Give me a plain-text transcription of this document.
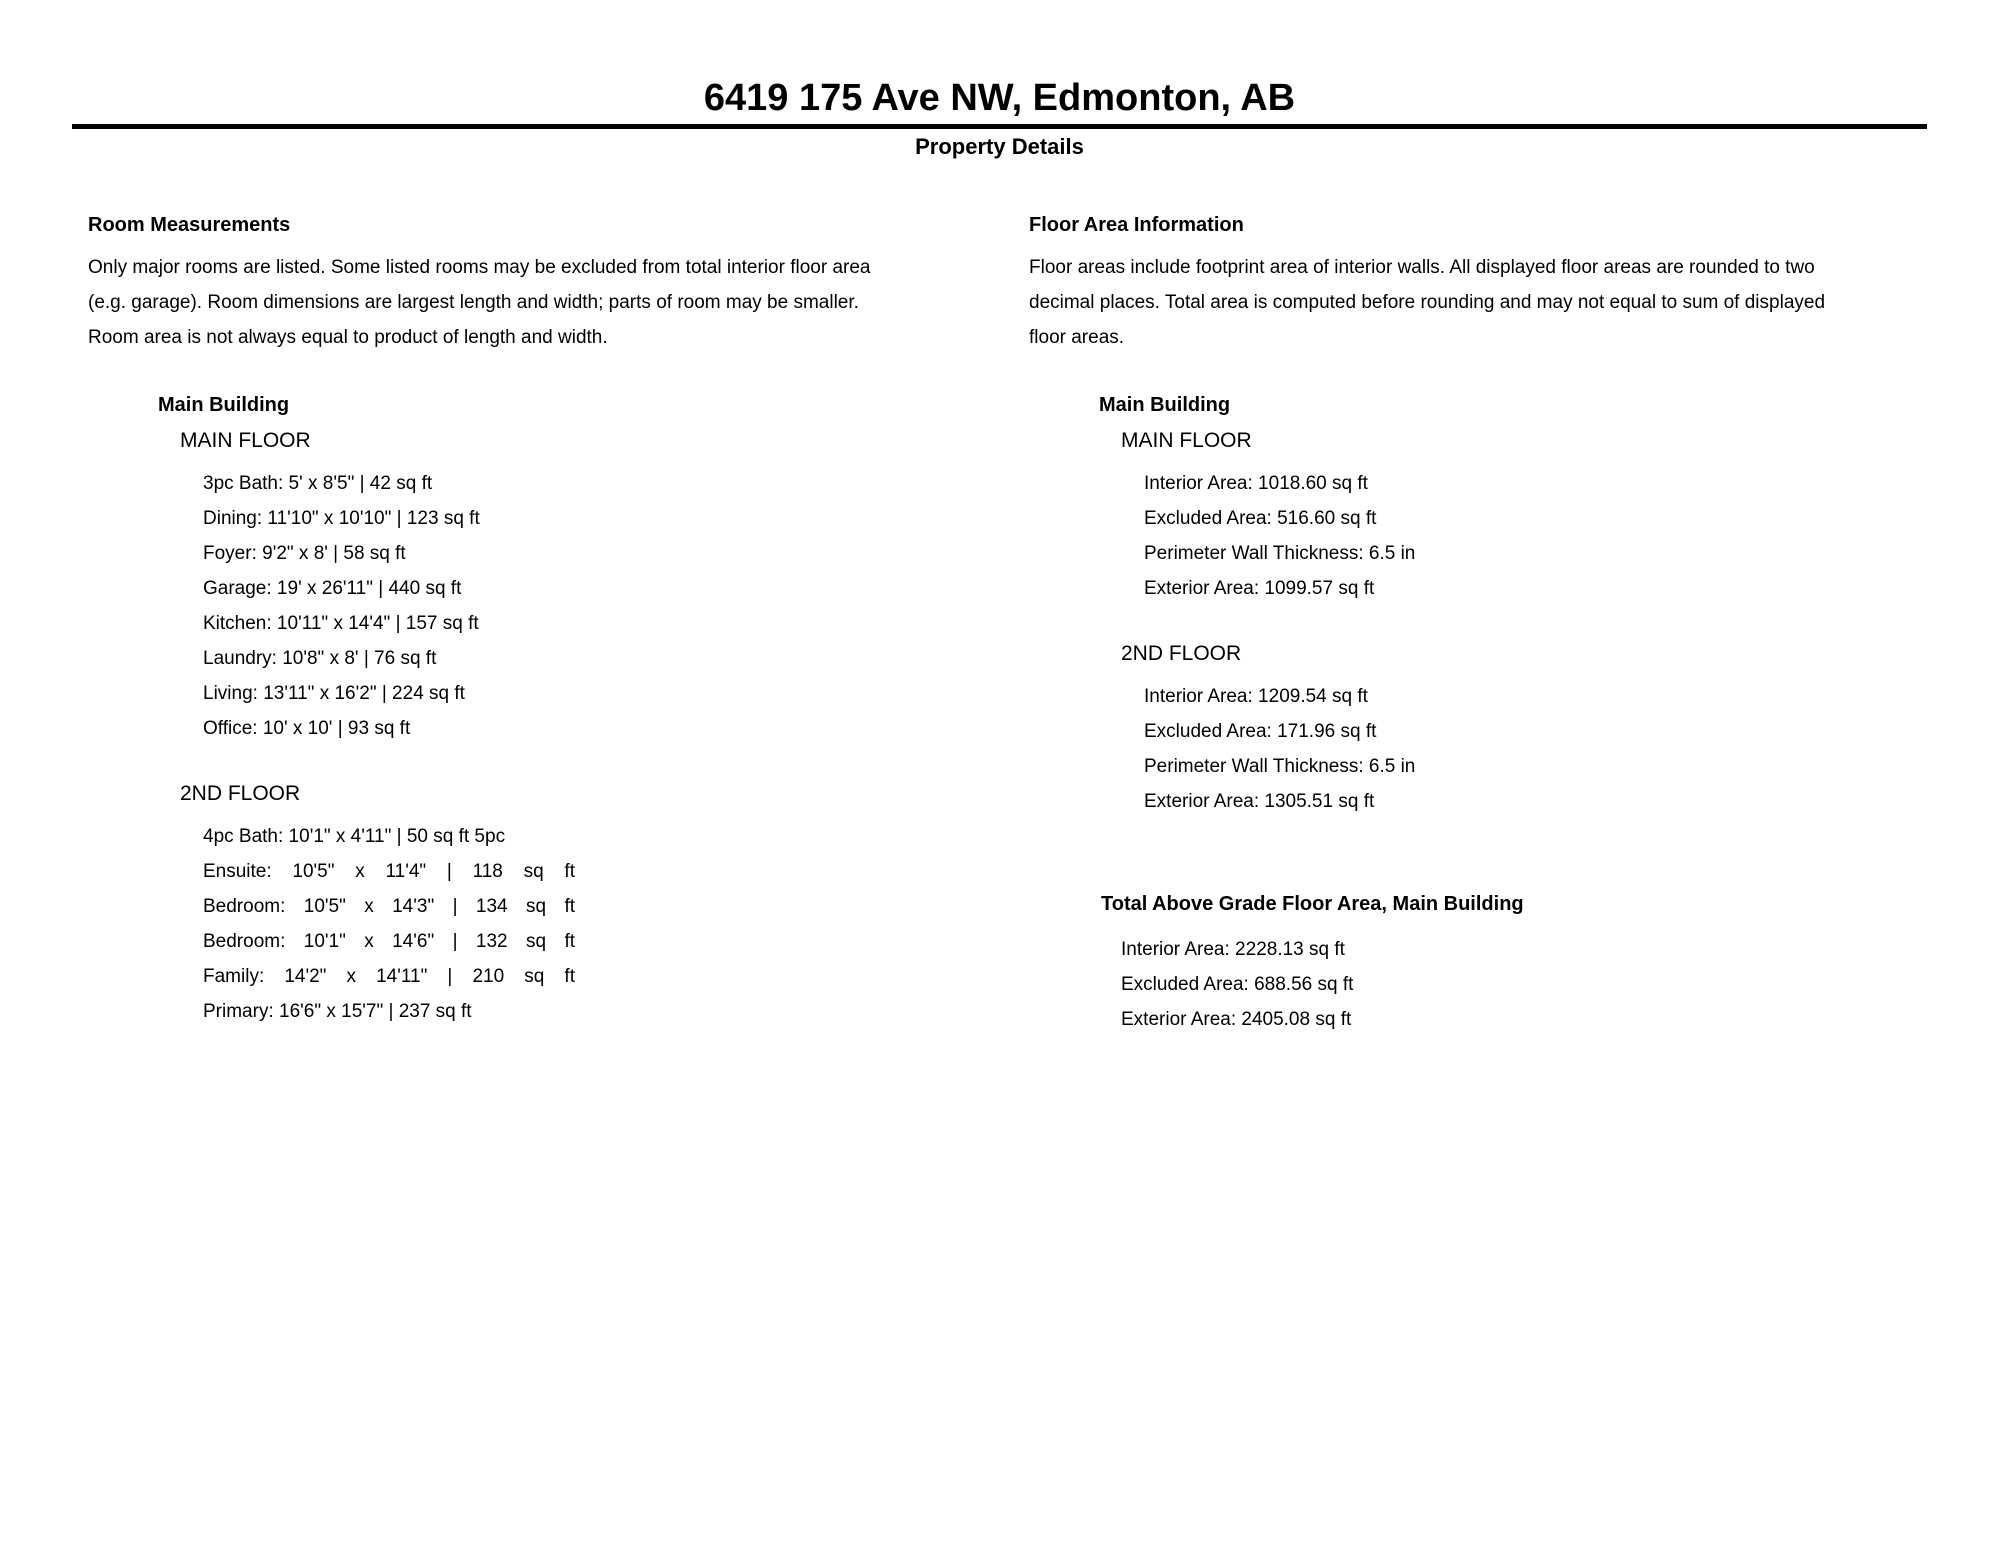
6419 175 Ave NW, Edmonton, AB
Property Details
Room Measurements
Only major rooms are listed. Some listed rooms may be excluded from total interior floor area
(e.g. garage). Room dimensions are largest length and width; parts of room may be smaller.
Room area is not always equal to product of length and width.
Main Building
MAIN FLOOR
3pc Bath: 5' x 8'5" | 42 sq ft
Dining: 11'10" x 10'10" | 123 sq ft
Foyer: 9'2" x 8' | 58 sq ft
Garage: 19' x 26'11" | 440 sq ft
Kitchen: 10'11" x 14'4" | 157 sq ft
Laundry: 10'8" x 8' | 76 sq ft
Living: 13'11" x 16'2" | 224 sq ft
Office: 10' x 10' | 93 sq ft
2ND FLOOR
4pc Bath: 10'1" x 4'11" | 50 sq ft 5pc
Ensuite: 10'5" x 11'4" | 118 sq ft
Bedroom: 10'5" x 14'3" | 134 sq ft
Bedroom: 10'1" x 14'6" | 132 sq ft
Family: 14'2" x 14'11" | 210 sq ft
Primary: 16'6" x 15'7" | 237 sq ft
Floor Area Information
Floor areas include footprint area of interior walls. All displayed floor areas are rounded to two
decimal places. Total area is computed before rounding and may not equal to sum of displayed
floor areas.
Main Building
MAIN FLOOR
Interior Area: 1018.60 sq ft
Excluded Area: 516.60 sq ft
Perimeter Wall Thickness: 6.5 in
Exterior Area: 1099.57 sq ft
2ND FLOOR
Interior Area: 1209.54 sq ft
Excluded Area: 171.96 sq ft
Perimeter Wall Thickness: 6.5 in
Exterior Area: 1305.51 sq ft
Total Above Grade Floor Area, Main Building
Interior Area: 2228.13 sq ft
Excluded Area: 688.56 sq ft
Exterior Area: 2405.08 sq ft
